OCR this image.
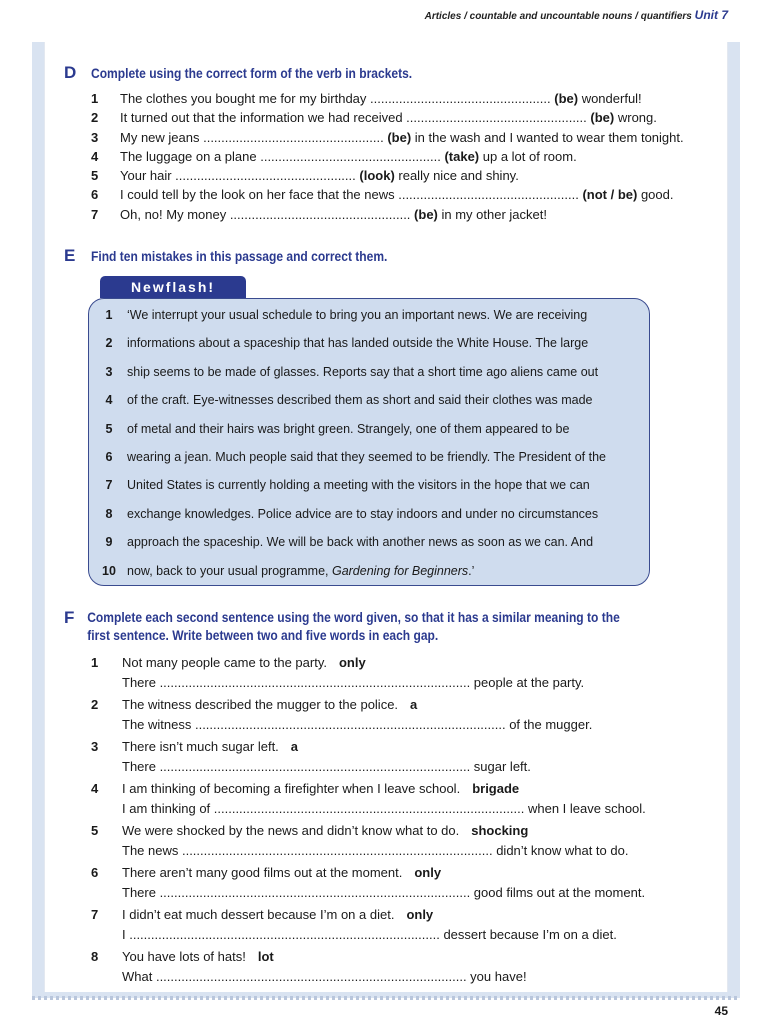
Articles / countable and uncountable nouns / quantifiers Unit 7
D Complete using the correct form of the verb in brackets.
1 The clothes you bought me for my birthday .................................................. (be) wonderful!
2 It turned out that the information we had received .................................................. (be) wrong.
3 My new jeans .................................................. (be) in the wash and I wanted to wear them tonight.
4 The luggage on a plane .................................................. (take) up a lot of room.
5 Your hair .................................................. (look) really nice and shiny.
6 I could tell by the look on her face that the news .................................................. (not / be) good.
7 Oh, no! My money .................................................. (be) in my other jacket!
E Find ten mistakes in this passage and correct them.
Newflash!
1	‘We interrupt your usual schedule to bring you an important news. We are receiving
2	informations about a spaceship that has landed outside the White House. The large
3	ship seems to be made of glasses. Reports say that a short time ago aliens came out
4	of the craft. Eye-witnesses described them as short and said their clothes was made
5	of metal and their hairs was bright green. Strangely, one of them appeared to be
6	wearing a jean. Much people said that they seemed to be friendly. The President of the
7	United States is currently holding a meeting with the visitors in the hope that we can
8	exchange knowledges. Police advice are to stay indoors and under no circumstances
9	approach the spaceship. We will be back with another news as soon as we can. And
10 now, back to your usual programme, Gardening for Beginners.’
F Complete each second sentence using the word given, so that it has a similar meaning to the
first sentence. Write between two and five words in each gap.
1 Not many people came to the party. only
There ...................................................................................... people at the party.
2 The witness described the mugger to the police. a
The witness ...................................................................................... of the mugger.
3 There isn’t much sugar left. a
There ...................................................................................... sugar left.
4 I am thinking of becoming a firefighter when I leave school. brigade
I am thinking of ...................................................................................... when I leave school.
5 We were shocked by the news and didn’t know what to do. shocking
The news ...................................................................................... didn’t know what to do.
6 There aren’t many good films out at the moment. only
There ...................................................................................... good films out at the moment.
7 I didn’t eat much dessert because I’m on a diet. only
I ...................................................................................... dessert because I’m on a diet.
8 You have lots of hats! lot
What ...................................................................................... you have!
45
